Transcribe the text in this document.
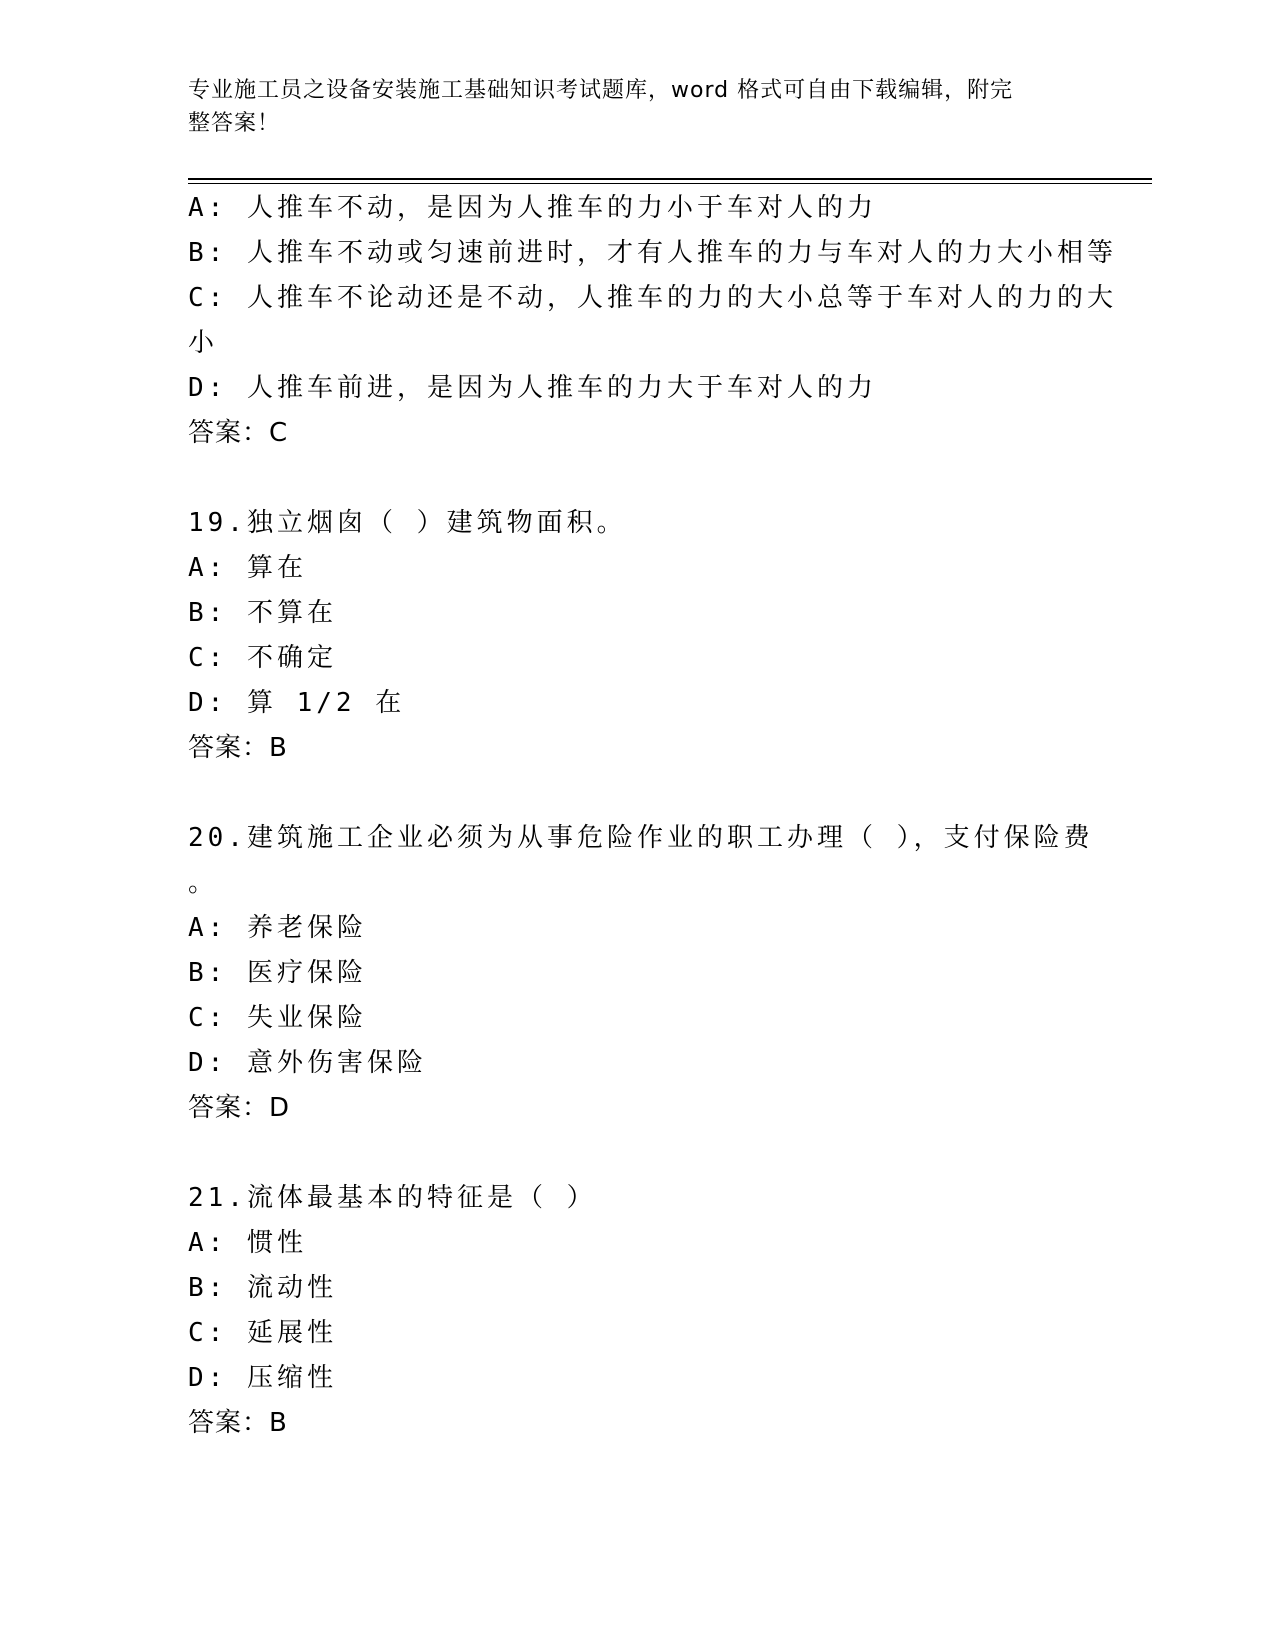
专业施工员之设备安装施工基础知识考试题库，word 格式可自由下载编辑，附完
整答案！
A: 人推车不动，是因为人推车的力小于车对人的力
B: 人推车不动或匀速前进时，才有人推车的力与车对人的力大小相等
C: 人推车不论动还是不动，人推车的力的大小总等于车对人的力的大
小
D: 人推车前进，是因为人推车的力大于车对人的力
答案：C
19.独立烟囱（ ）建筑物面积。
A: 算在
B: 不算在
C: 不确定
D: 算 1/2 在
答案：B
20.建筑施工企业必须为从事危险作业的职工办理（ ），支付保险费
。
A: 养老保险
B: 医疗保险
C: 失业保险
D: 意外伤害保险
答案：D
21.流体最基本的特征是（ ）
A: 惯性
B: 流动性
C: 延展性
D: 压缩性
答案：B
